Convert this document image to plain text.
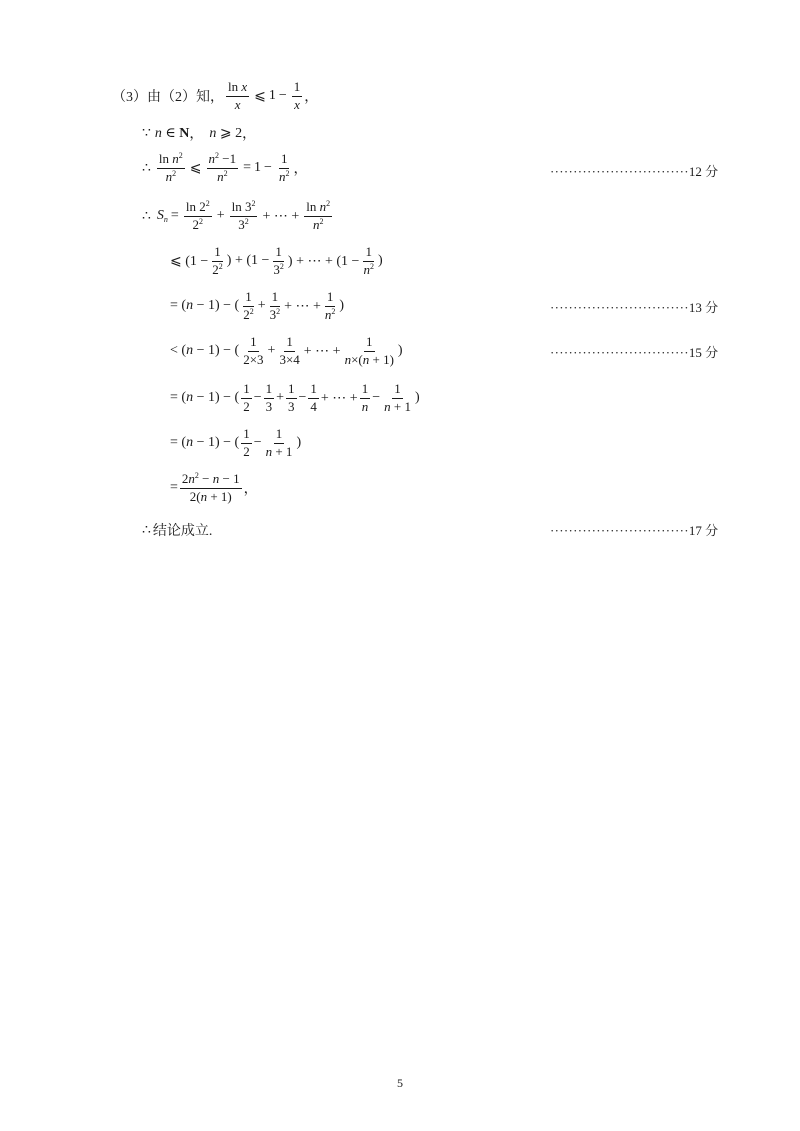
（3）由（2）知， $\frac{\text{ln x}}{x}$ ⩽ $1 - \frac{1}{x}$ ，
∵ n ∈ N ， n ⩾ 2 ，
∴ $\frac{\ln n^2}{n^2}$ ⩽ $\frac{n^2 -1}{n^2} = 1 - \frac{1}{n^2}$ ，	······························12 分
∴ $S_n = \frac{\ln 2^2}{2^2} + \frac{\ln 3^2}{3^2}$ + ⋯ + $\frac{\ln n^2}{n^2}$
⩽ ($1 - \frac{1}{2^2}$ ) + ($1 - \frac{1}{3^2}$ ) + ⋯ + ($1 - \frac{1}{n^2}$ )
= (n − 1) − ( $\frac{1}{2^2} + \frac{1}{3^2}$ + ⋯ + $\frac{1}{n^2}$ )	······························13 分
< (n − 1) − ( $\frac{1}{2\times 3} + \frac{1}{3\times 4}$ + ⋯ + $\frac{1}{n\times(n + 1)}$ )	······························15 分
= (n − 1) − ( $\frac{1}{2} - \frac{1}{3} + \frac{1}{3} - \frac{1}{4}$ + ⋯ + $\frac{1}{n} - \frac{1}{n + 1}$ )
= (n − 1) − ( $\frac{1}{2} - \frac{1}{n + 1}$ )
= $\frac{2n^2 - n - 1}{2(n + 1)}$ ，
∴ 结论成立.	······························17 分
5
